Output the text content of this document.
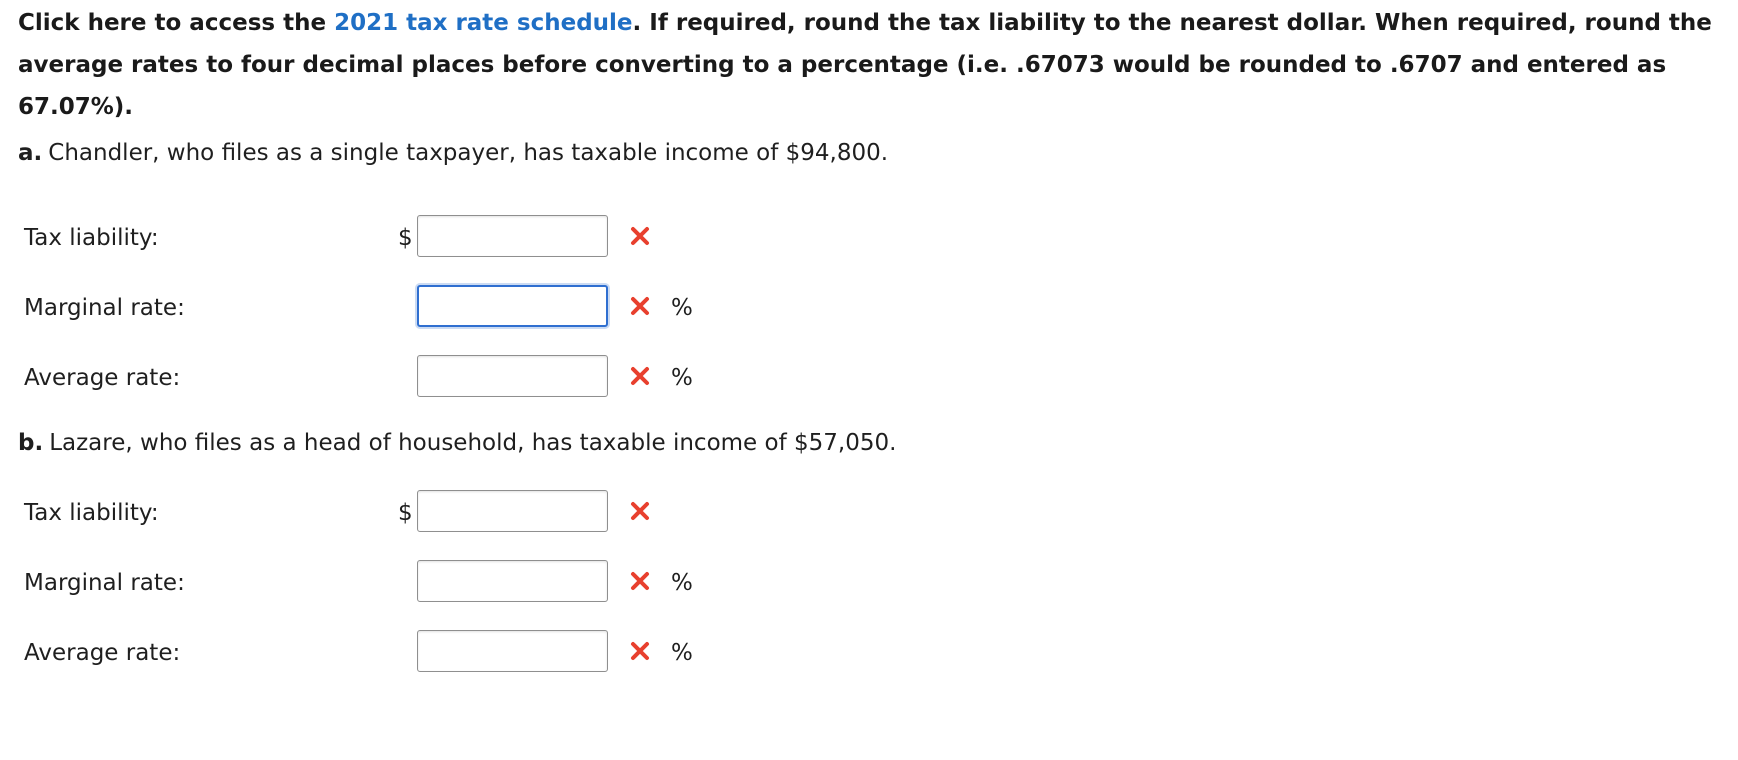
Click here to access the 2021 tax rate schedule. If required, round the tax liability to the nearest dollar. When required, round the average rates to four decimal places before converting to a percentage (i.e. .67073 would be rounded to .6707 and entered as 67.07%).
a. Chandler, who files as a single taxpayer, has taxable income of $94,800.
Tax liability:	$
Marginal rate:	%
Average rate:	%
b. Lazare, who files as a head of household, has taxable income of $57,050.
Tax liability:	$
Marginal rate:	%
Average rate:	%
